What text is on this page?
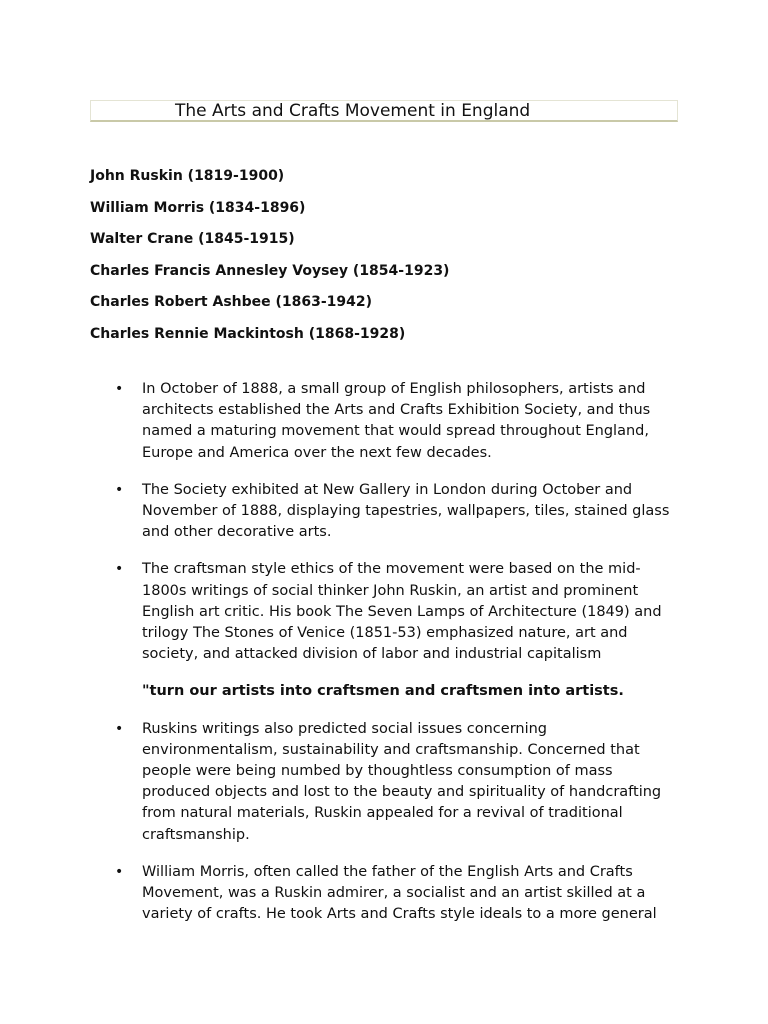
The Arts and Crafts Movement in England
John Ruskin (1819-1900)
William Morris (1834-1896)
Walter Crane (1845-1915)
Charles Francis Annesley Voysey (1854-1923)
Charles Robert Ashbee (1863-1942)
Charles Rennie Mackintosh (1868-1928)
• In October of 1888, a small group of English philosophers, artists and architects established the Arts and Crafts Exhibition Society, and thus named a maturing movement that would spread throughout England, Europe and America over the next few decades.
• The Society exhibited at New Gallery in London during October and November of 1888, displaying tapestries, wallpapers, tiles, stained glass and other decorative arts.
• The craftsman style ethics of the movement were based on the mid-1800s writings of social thinker John Ruskin, an artist and prominent English art critic. His book The Seven Lamps of Architecture (1849) and trilogy The Stones of Venice (1851-53) emphasized nature, art and society, and attacked division of labor and industrial capitalism
"turn our artists into craftsmen and craftsmen into artists.
• Ruskins writings also predicted social issues concerning environmentalism, sustainability and craftsmanship. Concerned that people were being numbed by thoughtless consumption of mass produced objects and lost to the beauty and spirituality of handcrafting from natural materials, Ruskin appealed for a revival of traditional craftsmanship.
• William Morris, often called the father of the English Arts and Crafts Movement, was a Ruskin admirer, a socialist and an artist skilled at a variety of crafts. He took Arts and Crafts style ideals to a more general
